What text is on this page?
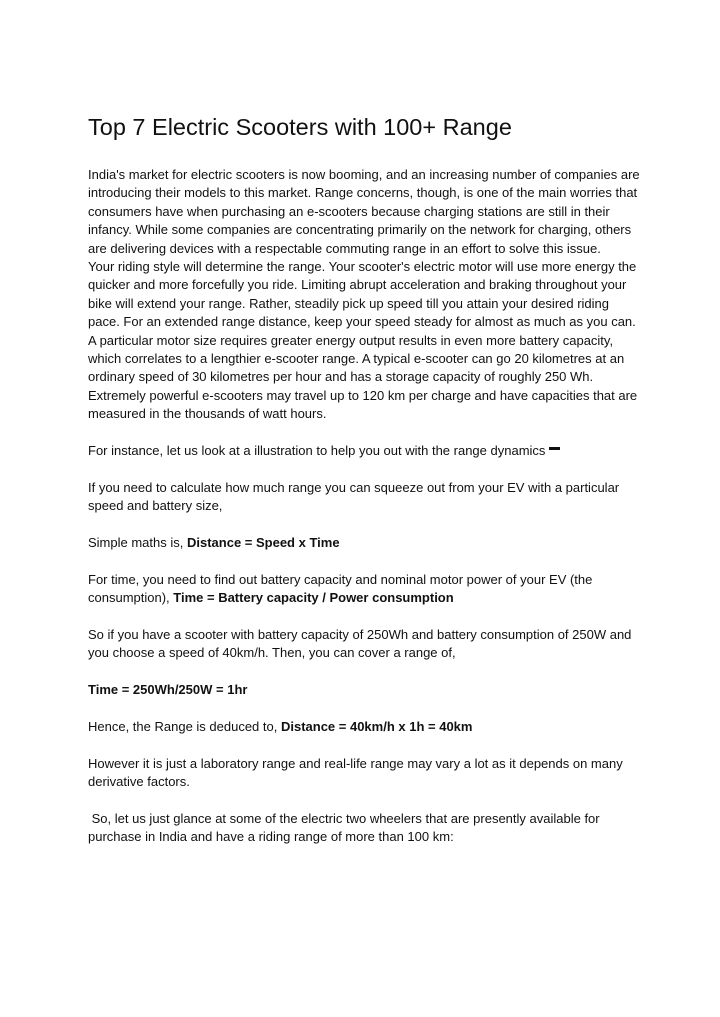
Top 7 Electric Scooters with 100+ Range

India's market for electric scooters is now booming, and an increasing number of companies are introducing their models to this market. Range concerns, though, is one of the main worries that consumers have when purchasing an e-scooters because charging stations are still in their infancy. While some companies are concentrating primarily on the network for charging, others are delivering devices with a respectable commuting range in an effort to solve this issue.

Your riding style will determine the range. Your scooter's electric motor will use more energy the quicker and more forcefully you ride. Limiting abrupt acceleration and braking throughout your bike will extend your range. Rather, steadily pick up speed till you attain your desired riding pace. For an extended range distance, keep your speed steady for almost as much as you can.

A particular motor size requires greater energy output results in even more battery capacity, which correlates to a lengthier e-scooter range. A typical e-scooter can go 20 kilometres at an ordinary speed of 30 kilometres per hour and has a storage capacity of roughly 250 Wh. Extremely powerful e-scooters may travel up to 120 km per charge and have capacities that are measured in the thousands of watt hours.

For instance, let us look at a illustration to help you out with the range dynamics

If you need to calculate how much range you can squeeze out from your EV with a particular speed and battery size,

Simple maths is, Distance = Speed x Time

For time, you need to find out battery capacity and nominal motor power of your EV (the consumption), Time = Battery capacity / Power consumption

So if you have a scooter with battery capacity of 250Wh and battery consumption of 250W and you choose a speed of 40km/h. Then, you can cover a range of,

Time = 250Wh/250W = 1hr

Hence, the Range is deduced to, Distance = 40km/h x 1h = 40km

However it is just a laboratory range and real-life range may vary a lot as it depends on many derivative factors.

So, let us just glance at some of the electric two wheelers that are presently available for purchase in India and have a riding range of more than 100 km:
